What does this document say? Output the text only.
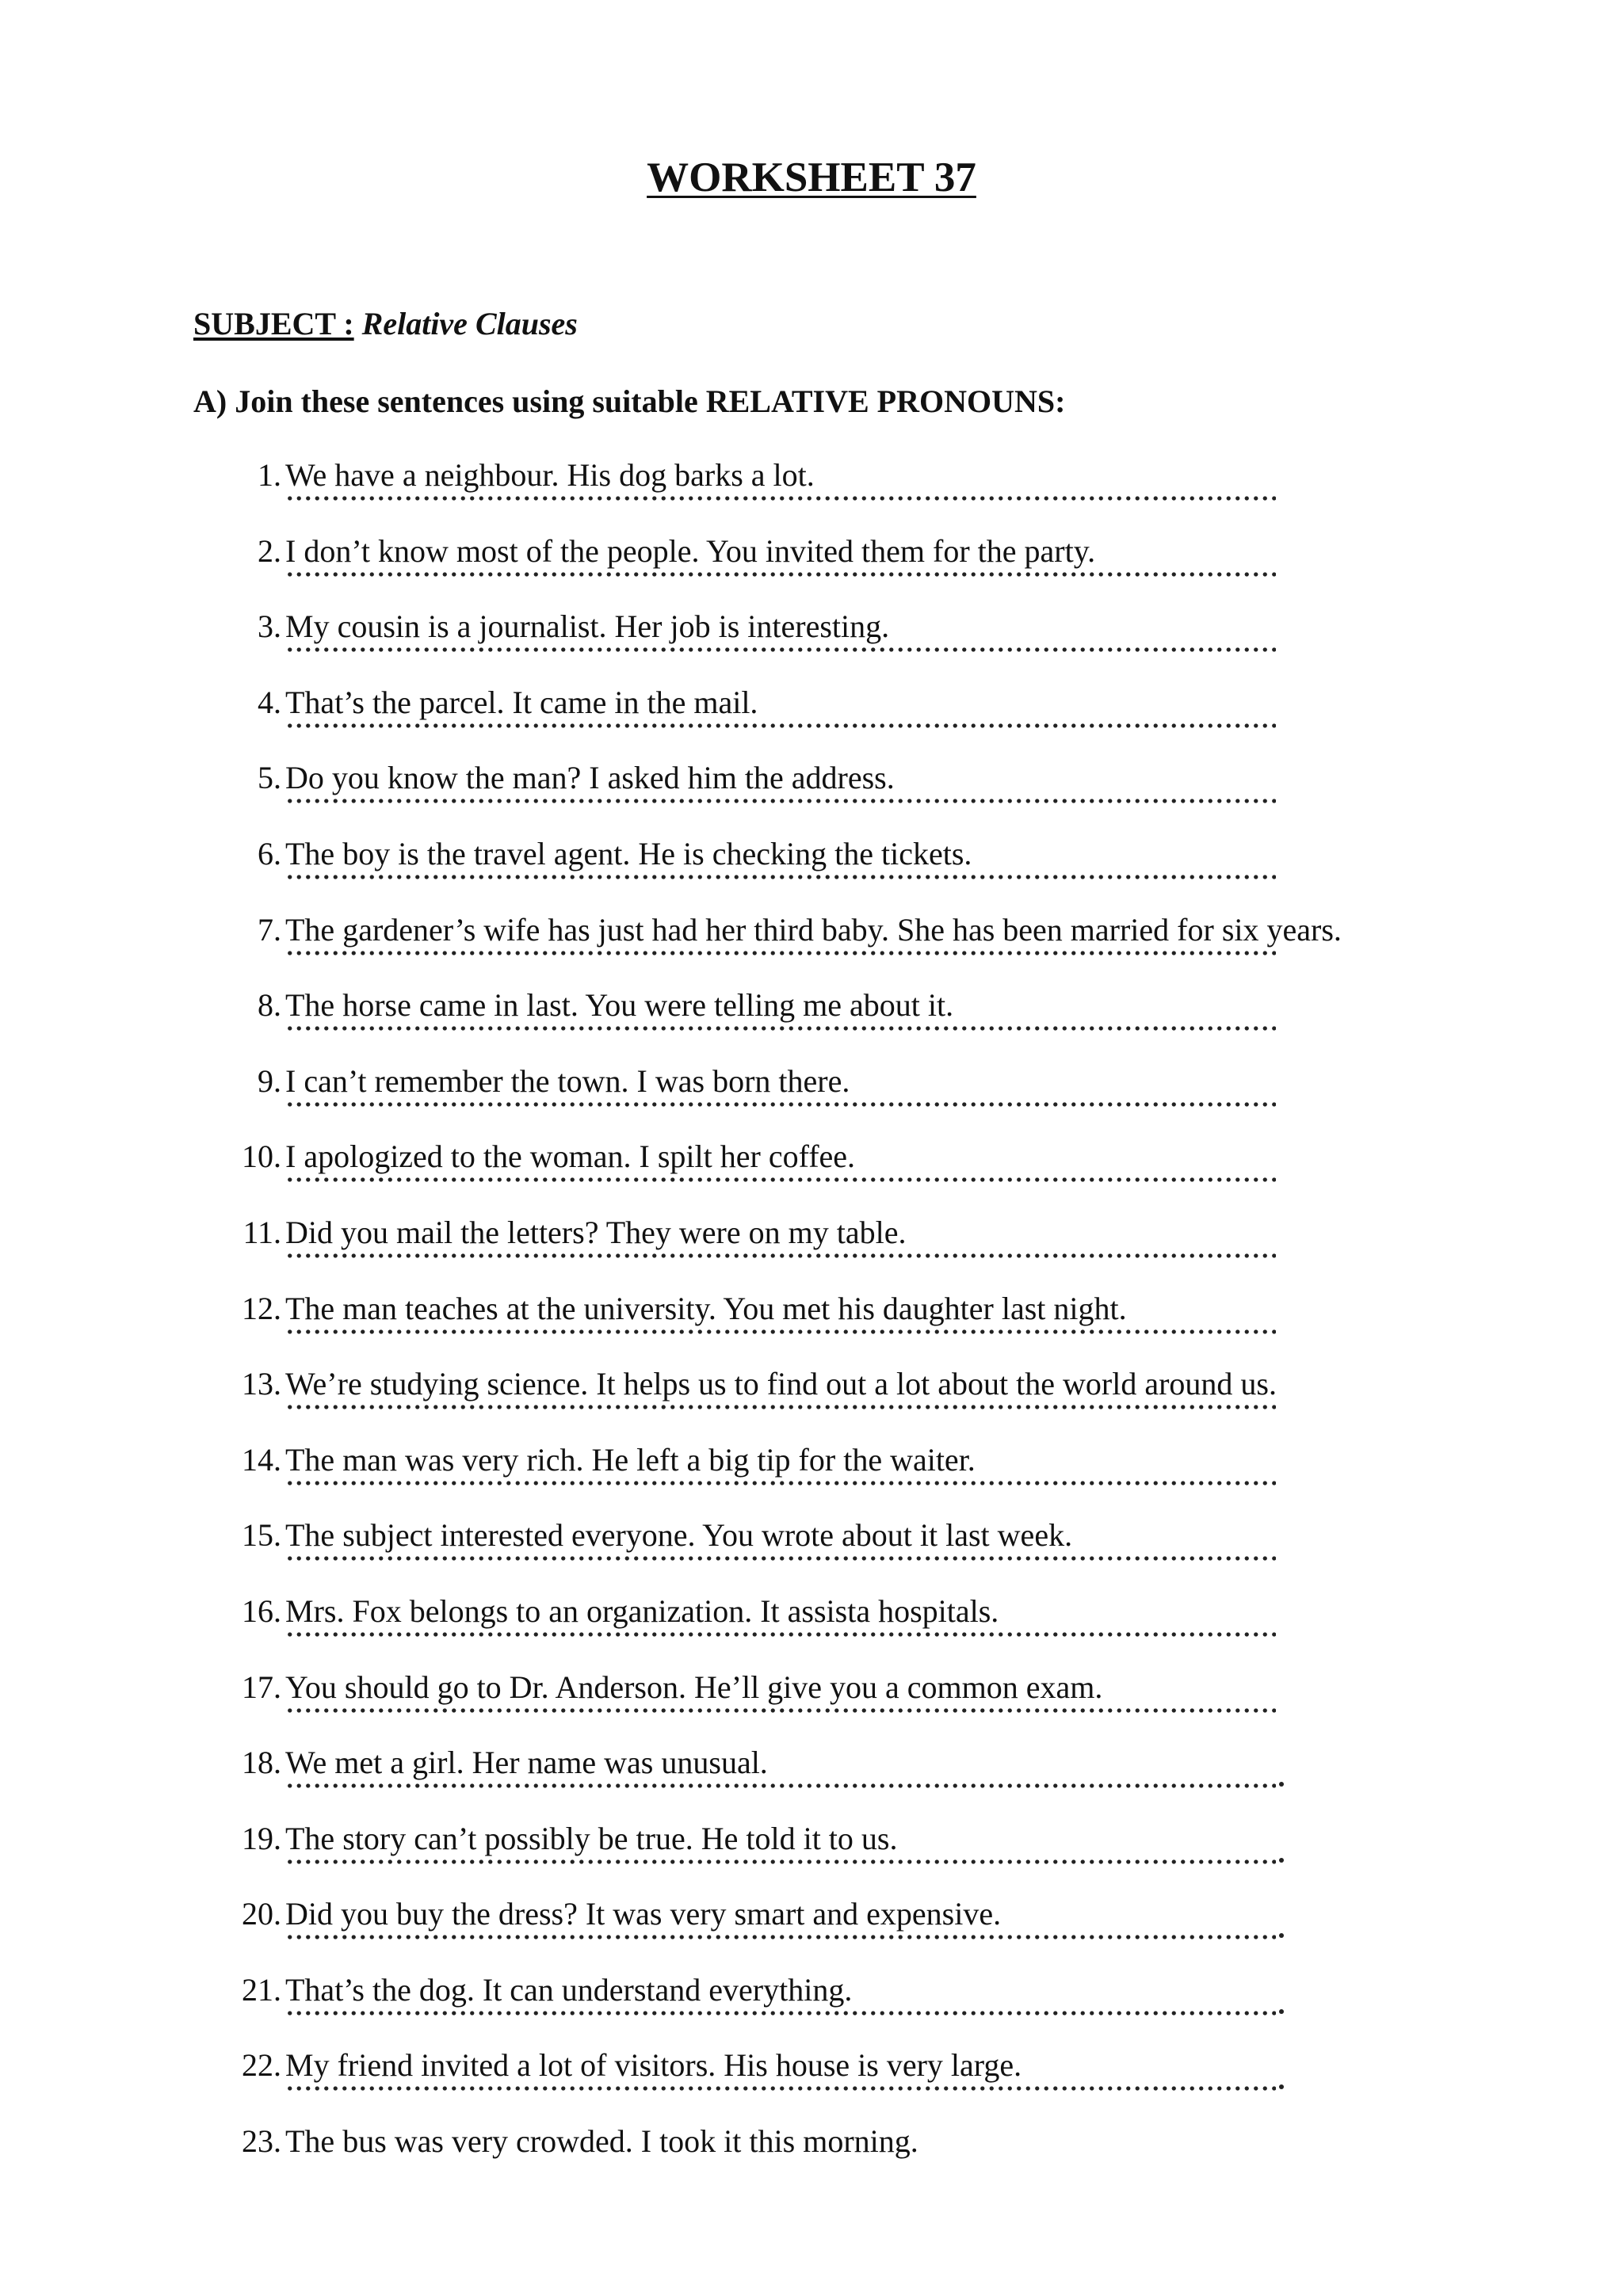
WORKSHEET 37
SUBJECT : Relative Clauses
A) Join these sentences using suitable RELATIVE PRONOUNS:
1. We have a neighbour. His dog barks a lot.
2. I don’t know most of the people. You invited them for the party.
3. My cousin is a journalist. Her job is interesting.
4. That’s the parcel. It came in the mail.
5. Do you know the man? I asked him the address.
6. The boy is the travel agent. He is checking the tickets.
7. The gardener’s wife has just had her third baby. She has been married for six years.
8. The horse came in last. You were telling me about it.
9. I can’t remember the town. I was born there.
10. I apologized to the woman. I spilt her coffee.
11. Did you mail the letters? They were on my table.
12. The man teaches at the university. You met his daughter last night.
13. We’re studying science. It helps us to find out a lot about the world around us.
14. The man was very rich. He left a big tip for the waiter.
15. The subject interested everyone. You wrote about it last week.
16. Mrs. Fox belongs to an organization. It assista hospitals.
17. You should go to Dr. Anderson. He’ll give you a common exam.
18. We met a girl. Her name was unusual.
19. The story can’t possibly be true. He told it to us.
20. Did you buy the dress? It was very smart and expensive.
21. That’s the dog. It can understand everything.
22. My friend invited a lot of visitors. His house is very large.
23. The bus was very crowded. I took it this morning.
